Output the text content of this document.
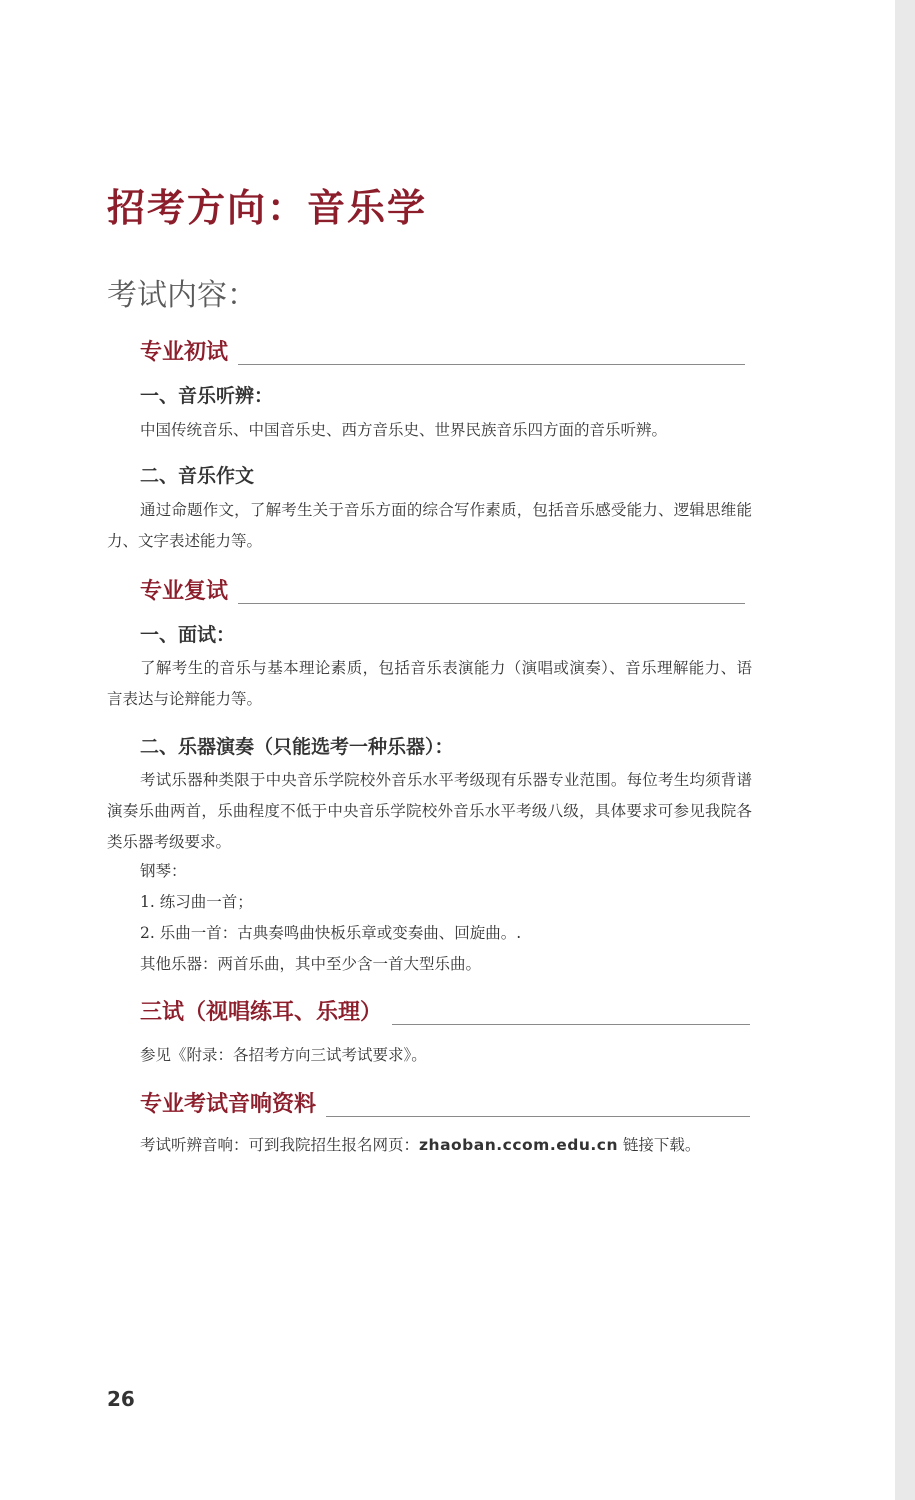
招考方向：音乐学
考试内容：
专业初试
一、音乐听辨：

中国传统音乐、中国音乐史、西方音乐史、世界民族音乐四方面的音乐听辨。

二、音乐作文

通过命题作文，了解考生关于音乐方面的综合写作素质，包括音乐感受能力、逻辑思维能力、文字表述能力等。

专业复试
一、面试：

了解考生的音乐与基本理论素质，包括音乐表演能力（演唱或演奏）、音乐理解能力、语言表达与论辩能力等。

二、乐器演奏（只能选考一种乐器）：

考试乐器种类限于中央音乐学院校外音乐水平考级现有乐器专业范围。每位考生均须背谱演奏乐曲两首，乐曲程度不低于中央音乐学院校外音乐水平考级八级，具体要求可参见我院各类乐器考级要求。

钢琴：
1. 练习曲一首；
2. 乐曲一首：古典奏鸣曲快板乐章或变奏曲、回旋曲。.
其他乐器：两首乐曲，其中至少含一首大型乐曲。
三试（视唱练耳、乐理）
参见《附录：各招考方向三试考试要求》。
专业考试音响资料

考试听辨音响：可到我院招生报名网页：zhaoban.ccom.edu.cn 链接下载。

26
